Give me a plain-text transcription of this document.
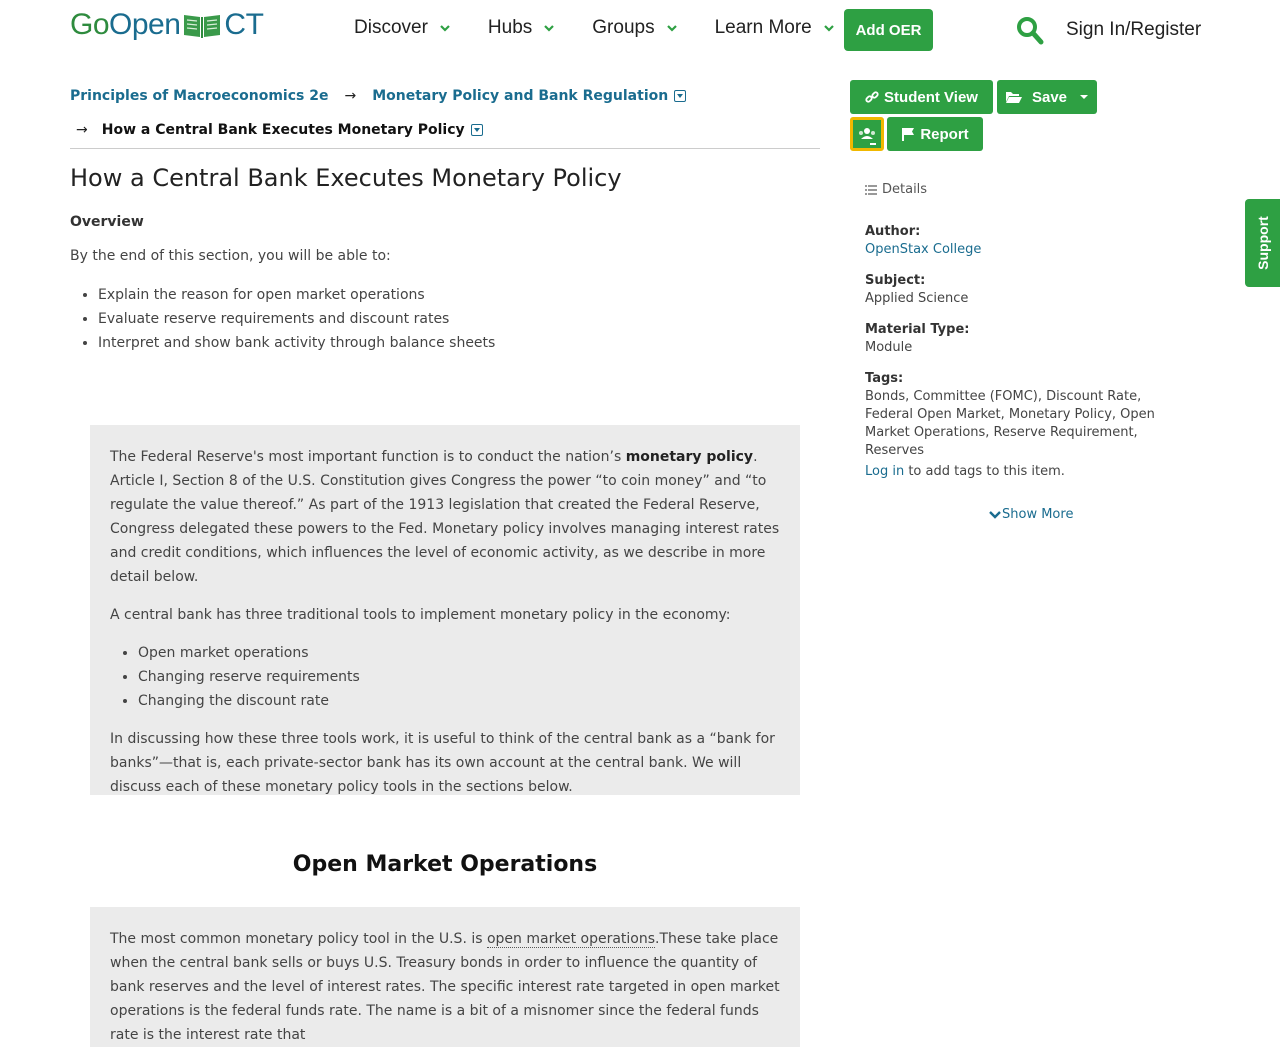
Go Open CT	Discover	Hubs	Groups	Learn More	Add OER	Sign In/Register
Principles of Macroeconomics 2e → Monetary Policy and Bank Regulation
→ How a Central Bank Executes Monetary Policy
How a Central Bank Executes Monetary Policy
Overview
By the end of this section, you will be able to:
• Explain the reason for open market operations
• Evaluate reserve requirements and discount rates
• Interpret and show bank activity through balance sheets

The Federal Reserve's most important function is to conduct the nation’s monetary policy. Article I, Section 8 of the U.S. Constitution gives Congress the power “to coin money” and “to regulate the value thereof.” As part of the 1913 legislation that created the Federal Reserve, Congress delegated these powers to the Fed. Monetary policy involves managing interest rates and credit conditions, which influences the level of economic activity, as we describe in more detail below.

A central bank has three traditional tools to implement monetary policy in the economy:

• Open market operations
• Changing reserve requirements
• Changing the discount rate

In discussing how these three tools work, it is useful to think of the central bank as a “bank for banks”—that is, each private-sector bank has its own account at the central bank. We will discuss each of these monetary policy tools in the sections below.

Open Market Operations

The most common monetary policy tool in the U.S. is open market operations.These take place when the central bank sells or buys U.S. Treasury bonds in order to influence the quantity of bank reserves and the level of interest rates. The specific interest rate targeted in open market operations is the federal funds rate. The name is a bit of a misnomer since the federal funds rate is the interest rate that

Student View	Save
Report
Details
Author:
OpenStax College
Subject:
Applied Science
Material Type:
Module
Tags:
Bonds, Committee (FOMC), Discount Rate, Federal Open Market, Monetary Policy, Open Market Operations, Reserve Requirement, Reserves
Log in to add tags to this item.
Show More
Support
